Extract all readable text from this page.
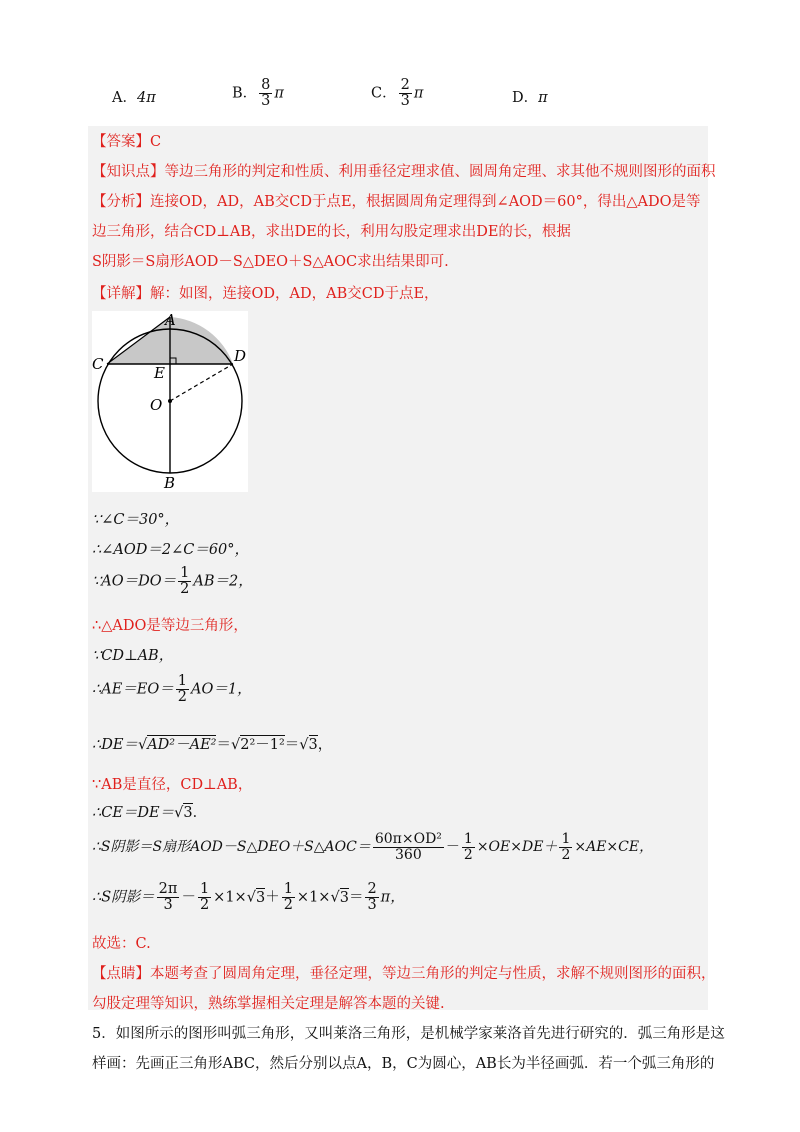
A．4π	B． $\frac{8}{3}$ π	C． $\frac{2}{3}$ π	D．π
【答案】C
【知识点】等边三角形的判定和性质、利用垂径定理求值、圆周角定理、求其他不规则图形的面积
【分析】连接OD，AD，AB交CD于点E，根据圆周角定理得到∠AOD＝60°，得出△ADO是等
边三角形，结合CD⊥AB，求出DE的长，利用勾股定理求出DE的长，根据
S阴影＝S扇形AOD－S△DEO＋S△AOC求出结果即可.
【详解】解：如图，连接OD，AD，AB交CD于点E，
A
B
C	D
E
O
∵∠C＝30°，
∴∠AOD＝2∠C＝60°，
∵AO＝DO＝ $\frac{1}{2} AB=2$，
∴△ADO是等边三角形，
∵CD⊥AB，
∴AE＝EO＝ $\frac{1}{2} AO=1$，
∴DE＝√AD²－AE²＝√2²－1²＝√3，
∵AB是直径，CD⊥AB，
∴CE＝DE＝√3．
∴S阴影＝S扇形AOD－S△DEO＋S△AOC＝ $\frac{\text{60π×OD²}}{360} - \frac{1}{2} \times OE\times DE+ \frac{1}{2} \times AE\times CE$，
∴S阴影＝ $\frac{2\pi}{3} - \frac{1}{2} \times 1\times√3+ \frac{1}{2} \times 1\times√3= \frac{2}{3}$ π，
故选：C.
【点睛】本题考查了圆周角定理，垂径定理，等边三角形的判定与性质，求解不规则图形的面积，
勾股定理等知识，熟练掌握相关定理是解答本题的关键.
5．如图所示的图形叫弧三角形，又叫莱洛三角形，是机械学家莱洛首先进行研究的．弧三角形是这
样画：先画正三角形ABC，然后分别以点A，B，C为圆心，AB长为半径画弧．若一个弧三角形的
